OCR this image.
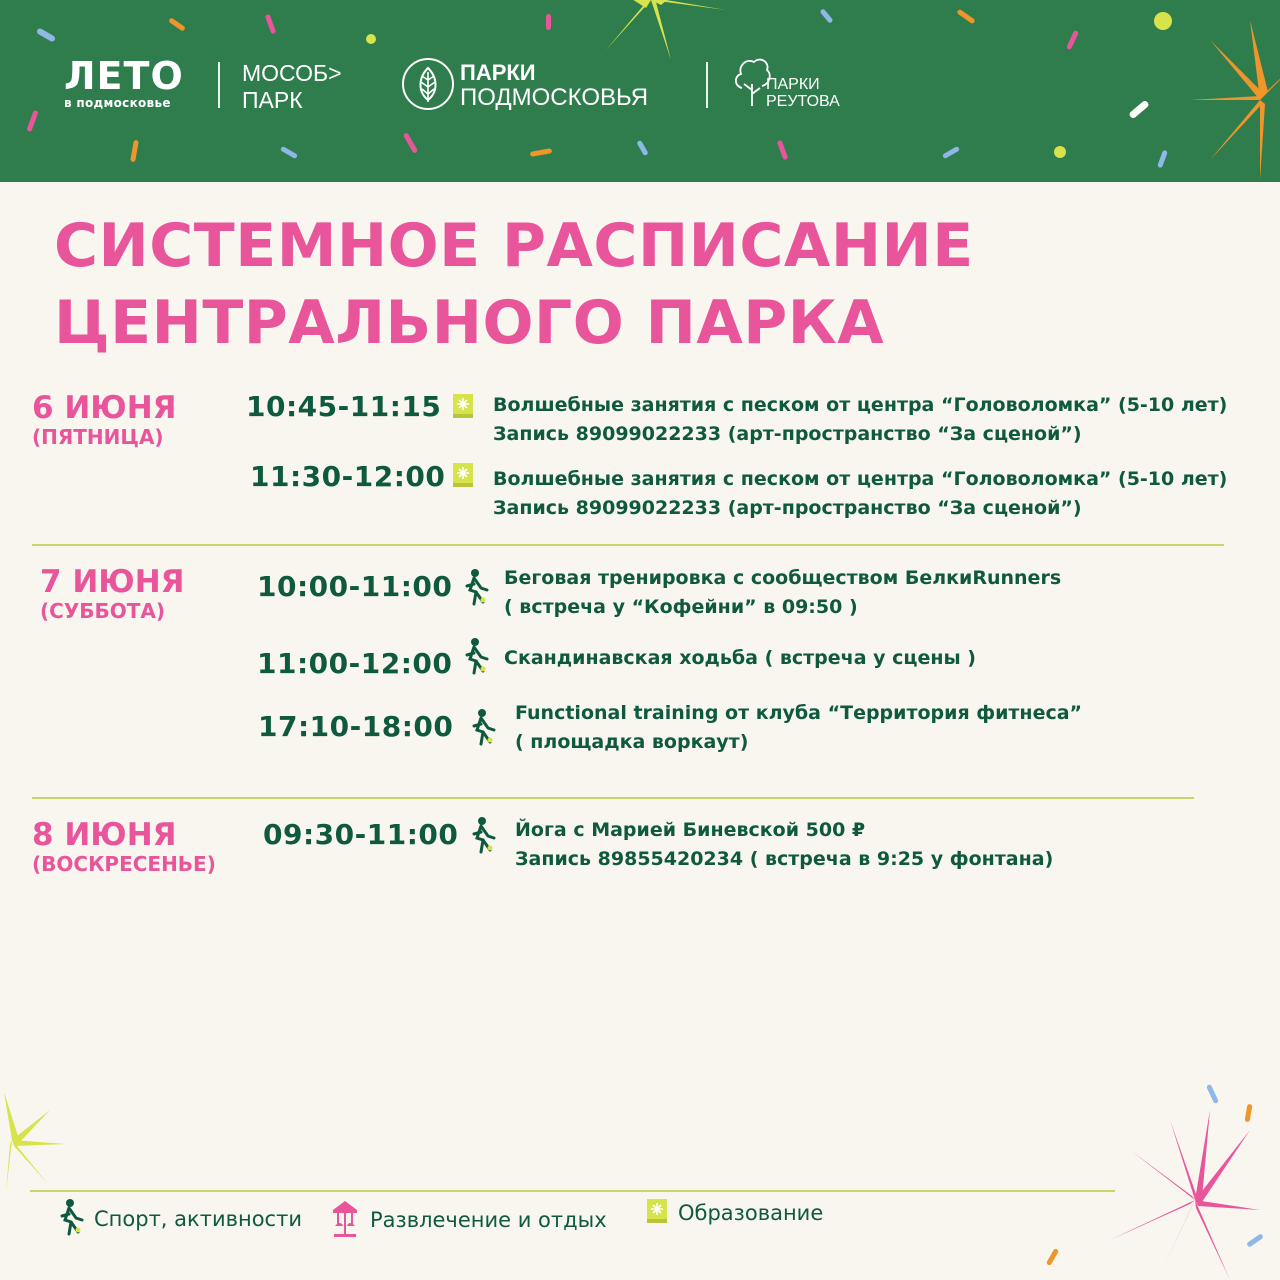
ЛЕТО
в подмосковье
МОСОБ>
ПАРК
ПАРКИ
ПОДМОСКОВЬЯ	ПАРКИ
РЕУТОВА
СИСТЕМНОЕ РАСПИСАНИЕ
ЦЕНТРАЛЬНОГО ПАРКА
6 ИЮНЯ
(ПЯТНИЦА)
10:45-11:15	Волшебные занятия с песком от центра “Головоломка” (5-10 лет)
Запись 89099022233 (арт-пространство “За сценой”)
11:30-12:00	Волшебные занятия с песком от центра “Головоломка” (5-10 лет)
Запись 89099022233 (арт-пространство “За сценой”)
7 ИЮНЯ
(СУББОТА)
10:00-11:00	Беговая тренировка с сообществом БелкиRunners
( встреча у “Кофейни” в 09:50 )
11:00-12:00	Скандинавская ходьба ( встреча у сцены )
17:10-18:00	Functional training от клуба “Территория фитнеса”
( площадка воркаут)
8 ИЮНЯ
(ВОСКРЕСЕНЬЕ)
09:30-11:00	Йога с Марией Биневской 500 ₽
Запись 89855420234 ( встреча в 9:25 у фонтана)
Спорт, активности	Развлечение и отдых	Образование
